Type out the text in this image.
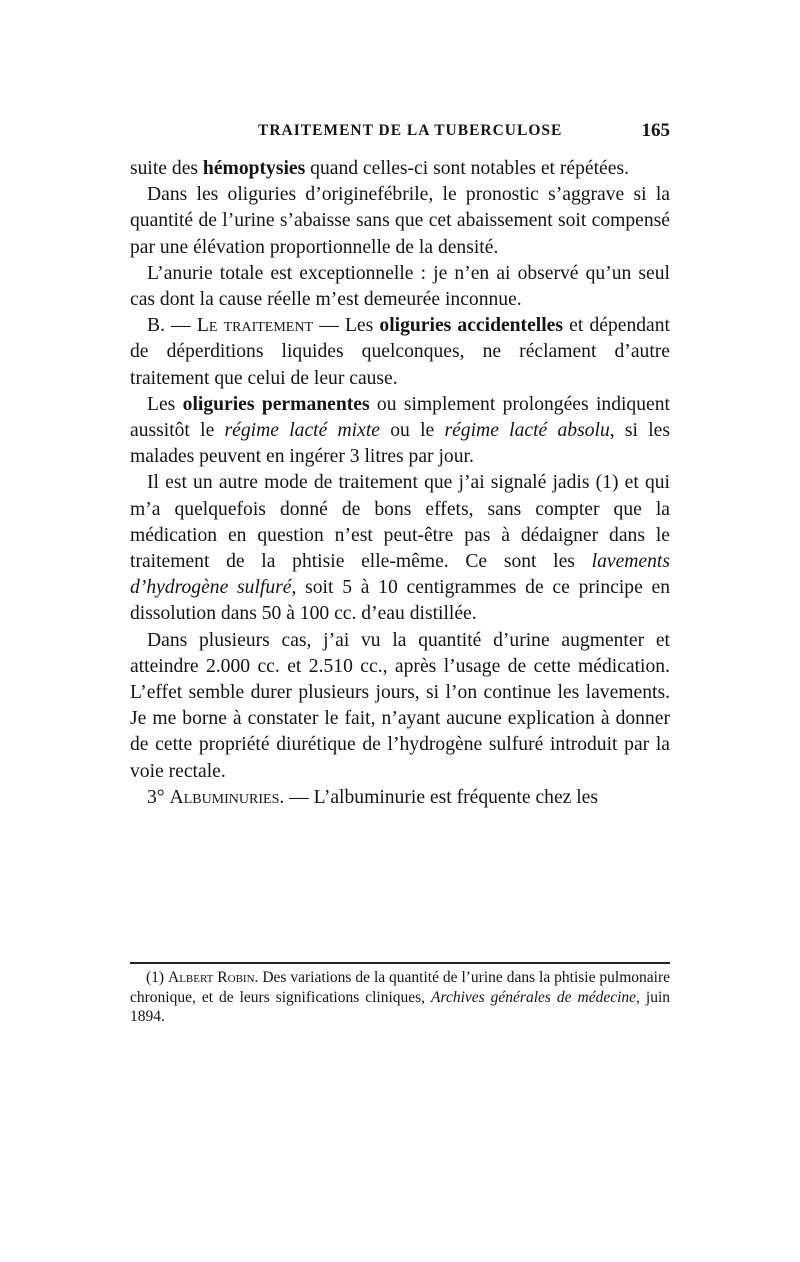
TRAITEMENT DE LA TUBERCULOSE	165

suite des hémoptysies quand celles-ci sont notables et répétées.

Dans les oliguries d’originefébrile, le pronostic s’aggrave si la quantité de l’urine s’abaisse sans que cet abaissement soit compensé par une élévation proportionnelle de la densité.

L’anurie totale est exceptionnelle : je n’en ai observé qu’un seul cas dont la cause réelle m’est demeurée inconnue.

B. — Le traitement — Les oliguries accidentelles et dépendant de déperditions liquides quelconques, ne réclament d’autre traitement que celui de leur cause.

Les oliguries permanentes ou simplement prolongées indiquent aussitôt le régime lacté mixte ou le régime lacté absolu, si les malades peuvent en ingérer 3 litres par jour.

Il est un autre mode de traitement que j’ai signalé jadis (1) et qui m’a quelquefois donné de bons effets, sans compter que la médication en question n’est peut-être pas à dédaigner dans le traitement de la phtisie elle-même. Ce sont les lavements d’hydrogène sulfuré, soit 5 à 10 centigrammes de ce principe en dissolution dans 50 à 100 cc. d’eau distillée.

Dans plusieurs cas, j’ai vu la quantité d’urine augmenter et atteindre 2.000 cc. et 2.510 cc., après l’usage de cette médication. L’effet semble durer plusieurs jours, si l’on continue les lavements. Je me borne à constater le fait, n’ayant aucune explication à donner de cette propriété diurétique de l’hydrogène sulfuré introduit par la voie rectale.

3° Albuminuries. — L’albuminurie est fréquente chez les

(1) Albert Robin. Des variations de la quantité de l’urine dans la phtisie pulmonaire chronique, et de leurs significations cliniques, Archives générales de médecine, juin 1894.
